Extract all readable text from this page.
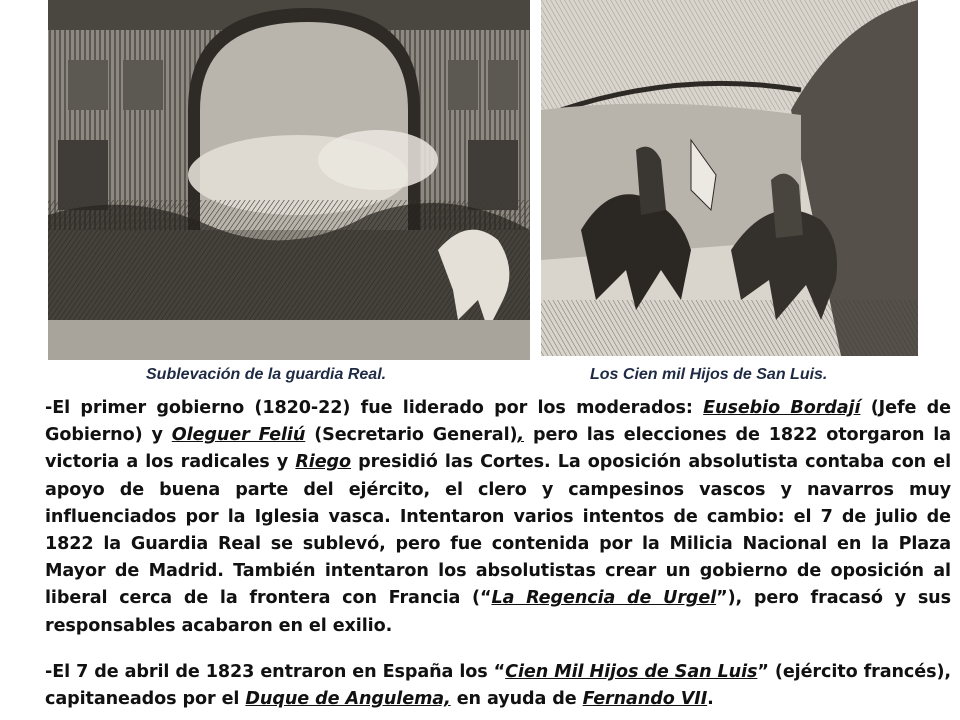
Sublevación de la guardia Real.	Los Cien mil Hijos de San Luis.

-El primer gobierno (1820-22) fue liderado por los moderados: Eusebio Bordají (Jefe de Gobierno) y Oleguer Feliú (Secretario General), pero las elecciones de 1822 otorgaron la victoria a los radicales y Riego presidió las Cortes. La oposición absolutista contaba con el apoyo de buena parte del ejército, el clero y campesinos vascos y navarros muy influenciados por la Iglesia vasca. Intentaron varios intentos de cambio: el 7 de julio de 1822 la Guardia Real se sublevó, pero fue contenida por la Milicia Nacional en la Plaza Mayor de Madrid. También intentaron los absolutistas crear un gobierno de oposición al liberal cerca de la frontera con Francia (“La Regencia de Urgel”), pero fracasó y sus responsables acabaron en el exilio.

-El 7 de abril de 1823 entraron en España los “Cien Mil Hijos de San Luis” (ejército francés), capitaneados por el Duque de Angulema, en ayuda de Fernando VII.
